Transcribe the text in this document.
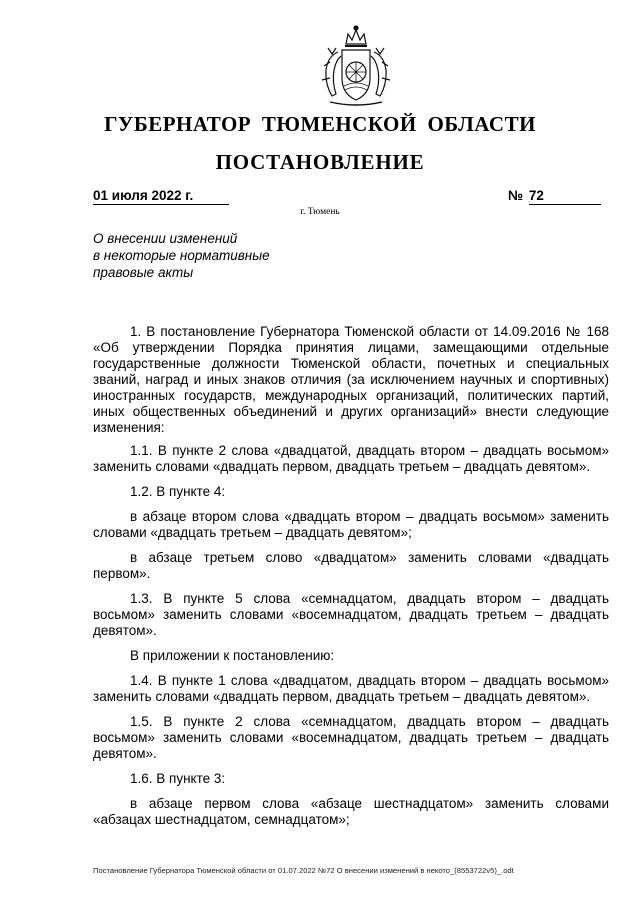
ГУБЕРНАТОР ТЮМЕНСКОЙ ОБЛАСТИ
ПОСТАНОВЛЕНИЕ
01 июля 2022 г.	№ 72
г. Тюмень
О внесении изменений
в некоторые нормативные
правовые акты

1. В постановление Губернатора Тюменской области от 14.09.2016 № 168 «Об утверждении Порядка принятия лицами, замещающими отдельные государственные должности Тюменской области, почетных и специальных званий, наград и иных знаков отличия (за исключением научных и спортивных) иностранных государств, международных организаций, политических партий, иных общественных объединений и других организаций» внести следующие изменения:

1.1. В пункте 2 слова «двадцатой, двадцать втором – двадцать восьмом» заменить словами «двадцать первом, двадцать третьем – двадцать девятом».

1.2. В пункте 4:

в абзаце втором слова «двадцать втором – двадцать восьмом» заменить словами «двадцать третьем – двадцать девятом»;

в абзаце третьем слово «двадцатом» заменить словами «двадцать первом».

1.3. В пункте 5 слова «семнадцатом, двадцать втором – двадцать восьмом» заменить словами «восемнадцатом, двадцать третьем – двадцать девятом».

В приложении к постановлению:

1.4. В пункте 1 слова «двадцатом, двадцать втором – двадцать восьмом» заменить словами «двадцать первом, двадцать третьем – двадцать девятом».

1.5. В пункте 2 слова «семнадцатом, двадцать втором – двадцать восьмом» заменить словами «восемнадцатом, двадцать третьем – двадцать девятом».

1.6. В пункте 3:

в абзаце первом слова «абзаце шестнадцатом» заменить словами «абзацах шестнадцатом, семнадцатом»;

Постановление Губернатора Тюменской области от 01.07.2022 №72 О внесении изменений в некото_(8553722v5)_.odt
